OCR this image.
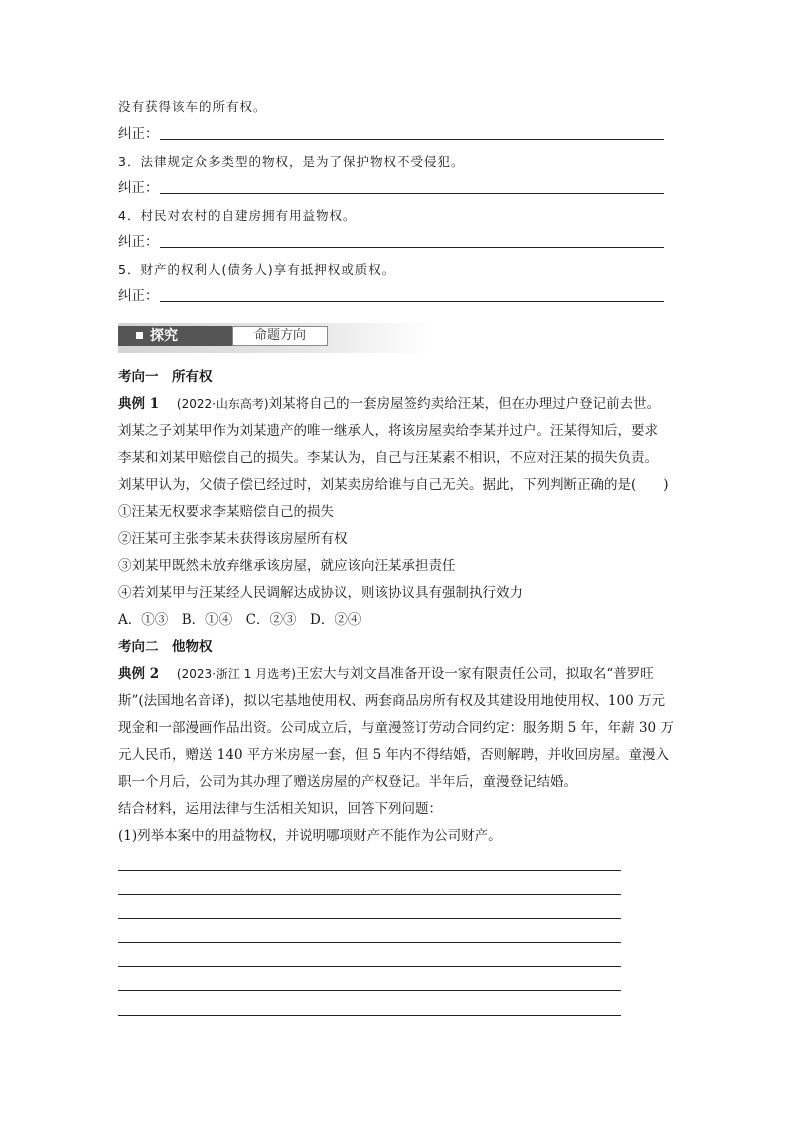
没有获得该车的所有权。
纠正：
3．法律规定众多类型的物权，是为了保护物权不受侵犯。
纠正：
4．村民对农村的自建房拥有用益物权。
纠正：
5．财产的权利人(债务人)享有抵押权或质权。
纠正：
探究	命题方向
考向一　所有权
典例 1 　 (2022·山东高考)刘某将自己的一套房屋签约卖给汪某，但在办理过户登记前去世。
刘某之子刘某甲作为刘某遗产的唯一继承人，将该房屋卖给李某并过户。汪某得知后，要求
李某和刘某甲赔偿自己的损失。李某认为，自己与汪某素不相识，不应对汪某的损失负责。
刘某甲认为，父债子偿已经过时，刘某卖房给谁与自己无关。据此，下列判断正确的是(　　)
①汪某无权要求李某赔偿自己的损失
②汪某可主张李某未获得该房屋所有权
③刘某甲既然未放弃继承该房屋，就应该向汪某承担责任
④若刘某甲与汪某经人民调解达成协议，则该协议具有强制执行效力
A．①③　B．①④　C．②③　D．②④
考向二　他物权
典例 2 　 (2023·浙江 1 月选考)王宏大与刘文昌准备开设一家有限责任公司，拟取名“普罗旺
斯”(法国地名音译)，拟以宅基地使用权、两套商品房所有权及其建设用地使用权、100 万元
现金和一部漫画作品出资。公司成立后，与童漫签订劳动合同约定：服务期 5 年，年薪 30 万
元人民币，赠送 140 平方米房屋一套，但 5 年内不得结婚，否则解聘，并收回房屋。童漫入
职一个月后，公司为其办理了赠送房屋的产权登记。半年后，童漫登记结婚。
结合材料，运用法律与生活相关知识，回答下列问题：
(1)列举本案中的用益物权，并说明哪项财产不能作为公司财产。
